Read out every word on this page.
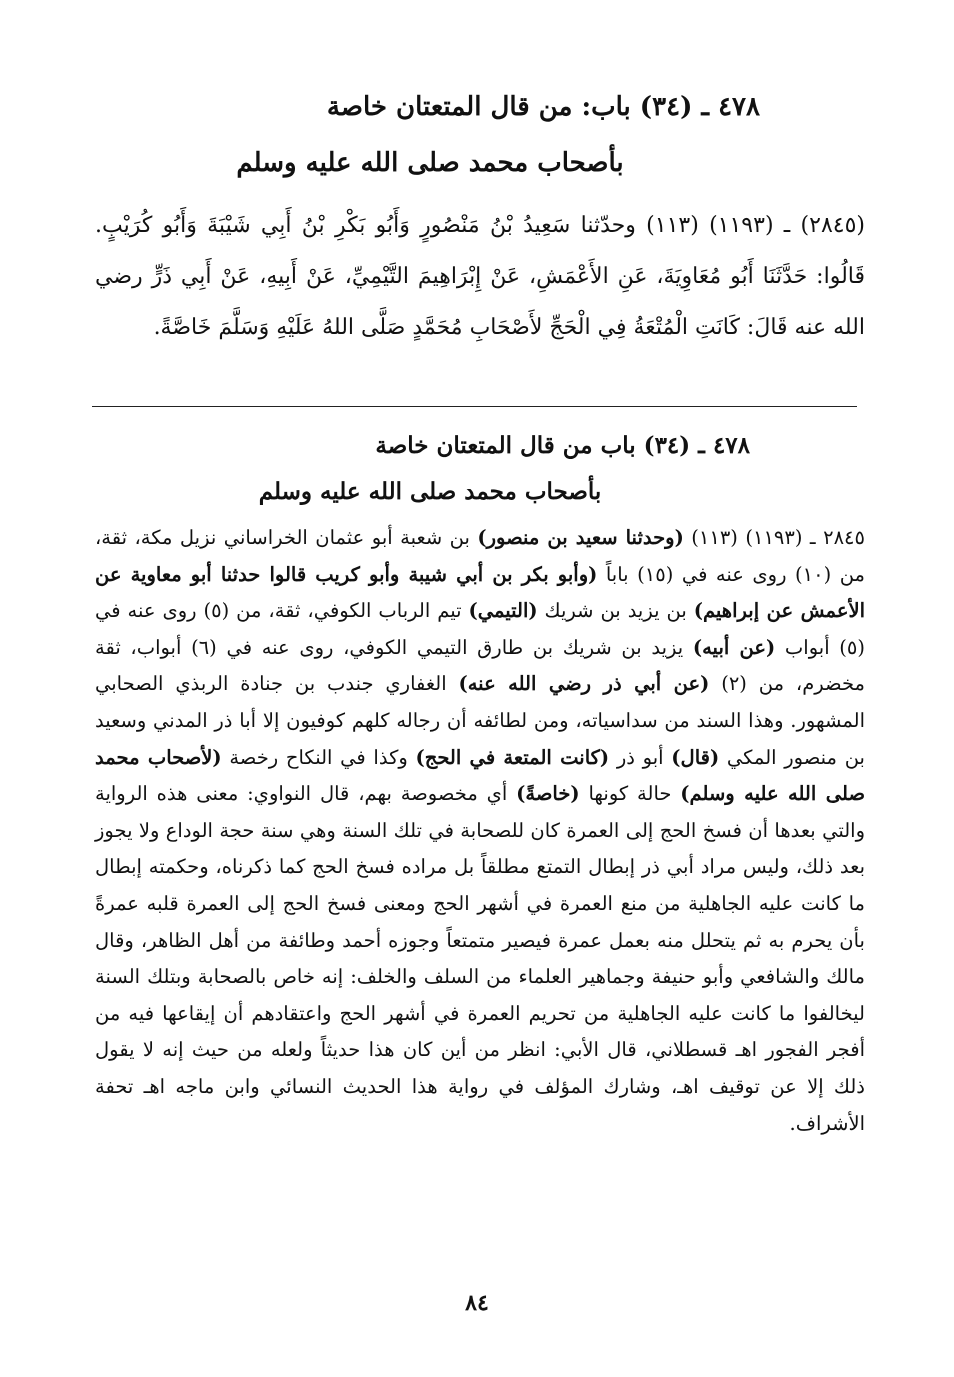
٤٧٨ ـ (٣٤) باب: من قال المتعتان خاصة

بأصحاب محمد صلى الله عليه وسلم

(٢٨٤٥) ـ (١١٩٣) (١١٣) وحدّثنا سَعِيدُ بْنُ مَنْصُورٍ وَأَبُو بَكْرِ بْنُ أَبِي شَيْبَةَ وَأَبُو كُرَيْبٍ. قَالُوا: حَدَّثَنَا أَبُو مُعَاوِيَةَ، عَنِ الأَعْمَشِ، عَنْ إِبْرَاهِيمَ التَّيْمِيِّ، عَنْ أَبِيهِ، عَنْ أَبِي ذَرٍّ رضي الله عنه قَالَ: كَانَتِ الْمُتْعَةُ فِي الْحَجِّ لأَصْحَابِ مُحَمَّدٍ صَلَّى اللهُ عَلَيْهِ وَسَلَّمَ خَاصَّةً.

٤٧٨ ـ (٣٤) باب من قال المتعتان خاصة

بأصحاب محمد صلى الله عليه وسلم

٢٨٤٥ ـ (١١٩٣) (١١٣) (وحدثنا سعيد بن منصور) بن شعبة أبو عثمان الخراساني نزيل مكة، ثقة، من (١٠) روى عنه في (١٥) باباً (وأبو بكر بن أبي شيبة وأبو كريب قالوا حدثنا أبو معاوية عن الأعمش عن إبراهيم) بن يزيد بن شريك (التيمي) تيم الرباب الكوفي، ثقة، من (٥) روى عنه في (٥) أبواب (عن أبيه) يزيد بن شريك بن طارق التيمي الكوفي، روى عنه في (٦) أبواب، ثقة مخضرم، من (٢) (عن أبي ذر رضي الله عنه) الغفاري جندب بن جنادة الربذي الصحابي المشهور. وهذا السند من سداسياته، ومن لطائفه أن رجاله كلهم كوفيون إلا أبا ذر المدني وسعيد بن منصور المكي (قال) أبو ذر (كانت المتعة في الحج) وكذا في النكاح رخصة (لأصحاب محمد صلى الله عليه وسلم) حالة كونها (خاصةً) أي مخصوصة بهم، قال النواوي: معنى هذه الرواية والتي بعدها أن فسخ الحج إلى العمرة كان للصحابة في تلك السنة وهي سنة حجة الوداع ولا يجوز بعد ذلك، وليس مراد أبي ذر إبطال التمتع مطلقاً بل مراده فسخ الحج كما ذكرناه، وحكمته إبطال ما كانت عليه الجاهلية من منع العمرة في أشهر الحج ومعنى فسخ الحج إلى العمرة قلبه عمرةً بأن يحرم به ثم يتحلل منه بعمل عمرة فيصير متمتعاً وجوزه أحمد وطائفة من أهل الظاهر، وقال مالك والشافعي وأبو حنيفة وجماهير العلماء من السلف والخلف: إنه خاص بالصحابة وبتلك السنة ليخالفوا ما كانت عليه الجاهلية من تحريم العمرة في أشهر الحج واعتقادهم أن إيقاعها فيه من أفجر الفجور اهـ قسطلاني، قال الأبي: انظر من أين كان هذا حديثاً ولعله من حيث إنه لا يقول ذلك إلا عن توقيف اهـ، وشارك المؤلف في رواية هذا الحديث النسائي وابن ماجه اهـ تحفة الأشراف.

٨٤
